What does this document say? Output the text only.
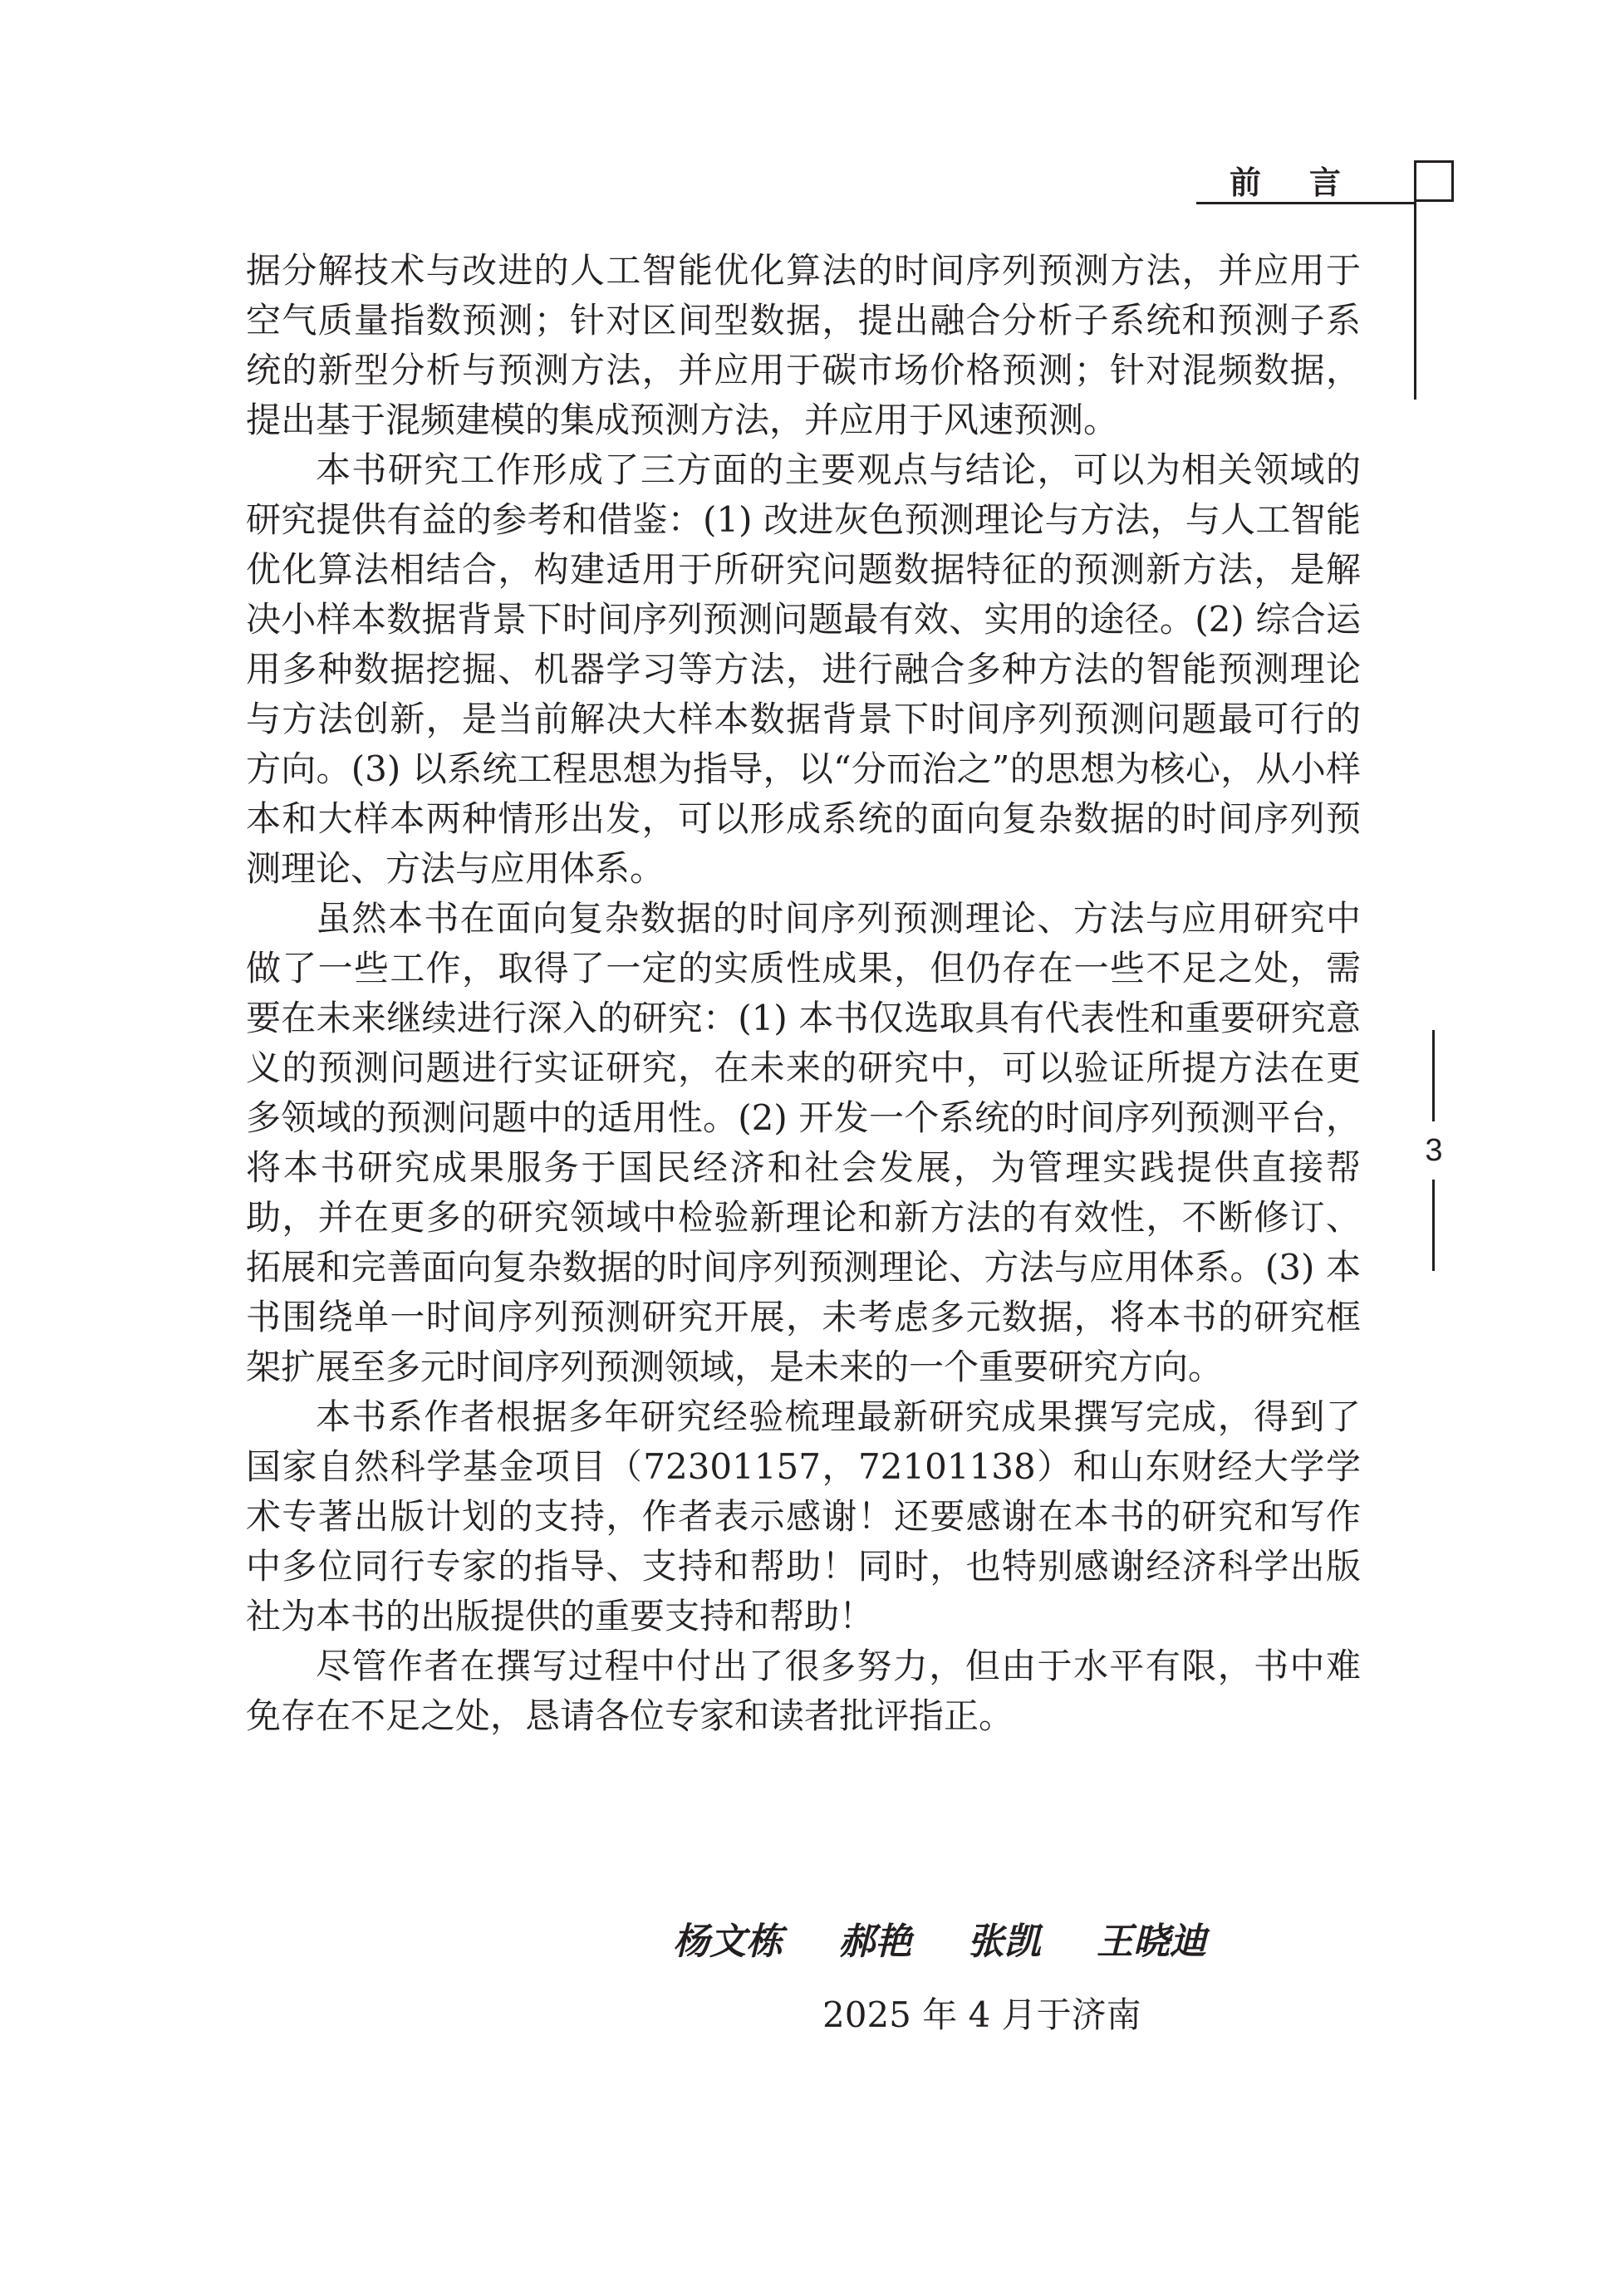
前言
3

据分解技术与改进的人工智能优化算法的时间序列预测方法，并应用于空气质量指数预测；针对区间型数据，提出融合分析子系统和预测子系统的新型分析与预测方法，并应用于碳市场价格预测；针对混频数据，提出基于混频建模的集成预测方法，并应用于风速预测。

本书研究工作形成了三方面的主要观点与结论，可以为相关领域的研究提供有益的参考和借鉴：(1) 改进灰色预测理论与方法，与人工智能优化算法相结合，构建适用于所研究问题数据特征的预测新方法，是解决小样本数据背景下时间序列预测问题最有效、实用的途径。(2) 综合运用多种数据挖掘、机器学习等方法，进行融合多种方法的智能预测理论与方法创新，是当前解决大样本数据背景下时间序列预测问题最可行的方向。(3) 以系统工程思想为指导，以“分而治之”的思想为核心，从小样本和大样本两种情形出发，可以形成系统的面向复杂数据的时间序列预测理论、方法与应用体系。

虽然本书在面向复杂数据的时间序列预测理论、方法与应用研究中做了一些工作，取得了一定的实质性成果，但仍存在一些不足之处，需要在未来继续进行深入的研究：(1) 本书仅选取具有代表性和重要研究意义的预测问题进行实证研究，在未来的研究中，可以验证所提方法在更多领域的预测问题中的适用性。(2) 开发一个系统的时间序列预测平台，将本书研究成果服务于国民经济和社会发展，为管理实践提供直接帮助，并在更多的研究领域中检验新理论和新方法的有效性，不断修订、拓展和完善面向复杂数据的时间序列预测理论、方法与应用体系。(3) 本书围绕单一时间序列预测研究开展，未考虑多元数据，将本书的研究框架扩展至多元时间序列预测领域，是未来的一个重要研究方向。

本书系作者根据多年研究经验梳理最新研究成果撰写完成，得到了国家自然科学基金项目（72301157，72101138）和山东财经大学学术专著出版计划的支持，作者表示感谢！还要感谢在本书的研究和写作中多位同行专家的指导、支持和帮助！同时，也特别感谢经济科学出版社为本书的出版提供的重要支持和帮助！

尽管作者在撰写过程中付出了很多努力，但由于水平有限，书中难免存在不足之处，恳请各位专家和读者批评指正。

杨文栋 郝艳 张凯 王晓迪
2025 年 4 月于济南
